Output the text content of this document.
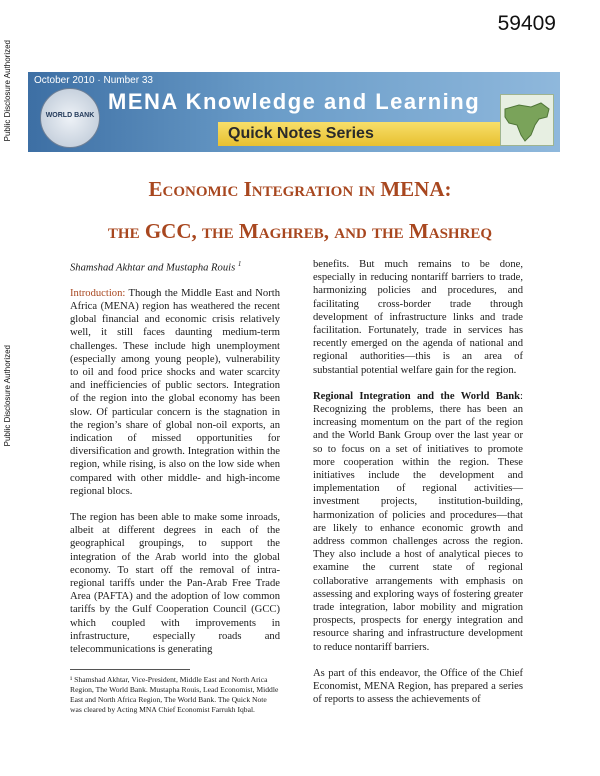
59409
Public Disclosure Authorized
Public Disclosure Authorized
October 2010 · Number 33
WORLD BANK
MENA Knowledge and Learning
Quick Notes Series
Economic Integration in MENA:
the GCC, the Maghreb, and the Mashreq

Shamshad Akhtar and Mustapha Rouis $^1$

Introduction: Though the Middle East and North Africa (MENA) region has weathered the recent global financial and economic crisis relatively well, it still faces daunting medium-term challenges. These include high unemployment (especially among young people), vulnerability to oil and food price shocks and water scarcity and inefficiencies of public sectors. Integration of the region into the global economy has been slow. Of particular concern is the stagnation in the region’s share of global non-oil exports, an indication of missed opportunities for diversification and growth. Integration within the region, while rising, is also on the low side when compared with other middle- and high-income regional blocs.

The region has been able to make some inroads, albeit at different degrees in each of the geographical groupings, to support the integration of the Arab world into the global economy. To start off the removal of intra-regional tariffs under the Pan-Arab Free Trade Area (PAFTA) and the adoption of low common tariffs by the Gulf Cooperation Council (GCC) which coupled with improvements in infrastructure, especially roads and telecommunications is generating

¹ Shamshad Akhtar, Vice-President, Middle East and North Arica Region, The World Bank. Mustapha Rouis, Lead Economist, Middle East and North Africa Region, The World Bank. The Quick Note was cleared by Acting MNA Chief Economist Farrukh Iqbal.

benefits. But much remains to be done, especially in reducing nontariff barriers to trade, harmonizing policies and procedures, and facilitating cross-border trade through development of infrastructure links and trade facilitation. Fortunately, trade in services has recently emerged on the agenda of national and regional authorities—this is an area of substantial potential welfare gain for the region.

Regional Integration and the World Bank: Recognizing the problems, there has been an increasing momentum on the part of the region and the World Bank Group over the last year or so to focus on a set of initiatives to promote more cooperation within the region. These initiatives include the development and implementation of regional activities—investment projects, institution-building, harmonization of policies and procedures—that are likely to enhance economic growth and address common challenges across the region. They also include a host of analytical pieces to examine the current state of regional collaborative arrangements with emphasis on assessing and exploring ways of fostering greater trade integration, labor mobility and migration prospects, prospects for energy integration and resource sharing and infrastructure development to reduce nontariff barriers.

As part of this endeavor, the Office of the Chief Economist, MENA Region, has prepared a series of reports to assess the achievements of
